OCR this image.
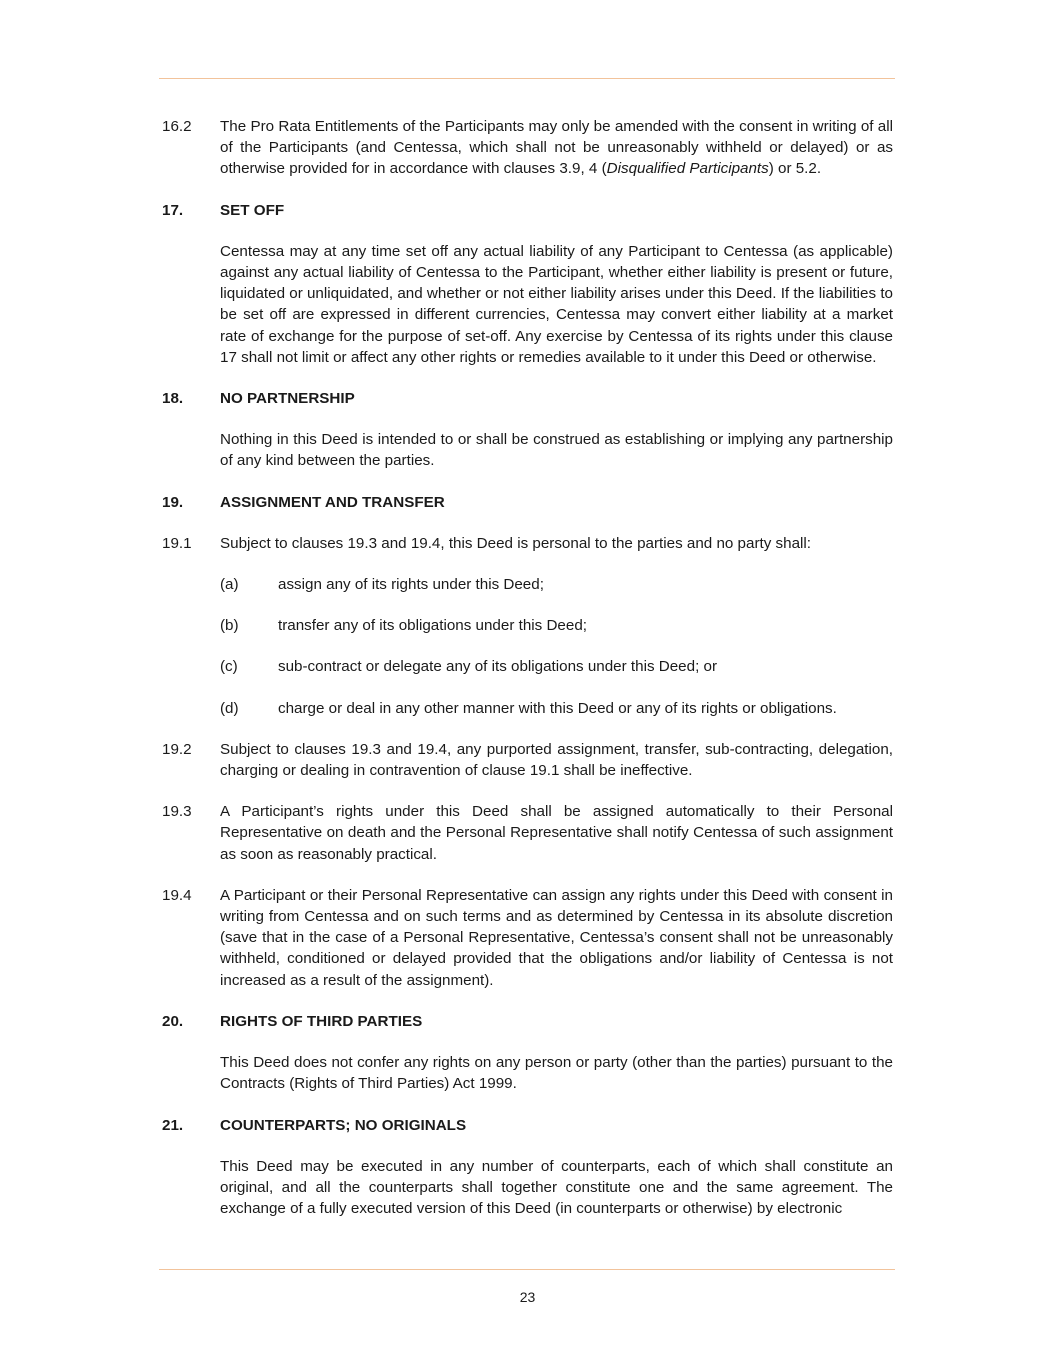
16.2 The Pro Rata Entitlements of the Participants may only be amended with the consent in writing of all of the Participants (and Centessa, which shall not be unreasonably withheld or delayed) or as otherwise provided for in accordance with clauses 3.9, 4 (Disqualified Participants) or 5.2.
17. SET OFF
Centessa may at any time set off any actual liability of any Participant to Centessa (as applicable) against any actual liability of Centessa to the Participant, whether either liability is present or future, liquidated or unliquidated, and whether or not either liability arises under this Deed. If the liabilities to be set off are expressed in different currencies, Centessa may convert either liability at a market rate of exchange for the purpose of set-off. Any exercise by Centessa of its rights under this clause 17 shall not limit or affect any other rights or remedies available to it under this Deed or otherwise.
18. NO PARTNERSHIP
Nothing in this Deed is intended to or shall be construed as establishing or implying any partnership of any kind between the parties.
19. ASSIGNMENT AND TRANSFER
19.1 Subject to clauses 19.3 and 19.4, this Deed is personal to the parties and no party shall:
(a)	assign any of its rights under this Deed;
(b)	transfer any of its obligations under this Deed;
(c)	sub-contract or delegate any of its obligations under this Deed; or
(d)	charge or deal in any other manner with this Deed or any of its rights or obligations.
19.2 Subject to clauses 19.3 and 19.4, any purported assignment, transfer, sub-contracting, delegation, charging or dealing in contravention of clause 19.1 shall be ineffective.
19.3 A Participant’s rights under this Deed shall be assigned automatically to their Personal Representative on death and the Personal Representative shall notify Centessa of such assignment as soon as reasonably practical.
19.4 A Participant or their Personal Representative can assign any rights under this Deed with consent in writing from Centessa and on such terms and as determined by Centessa in its absolute discretion (save that in the case of a Personal Representative, Centessa’s consent shall not be unreasonably withheld, conditioned or delayed provided that the obligations and/or liability of Centessa is not increased as a result of the assignment).
20. RIGHTS OF THIRD PARTIES
This Deed does not confer any rights on any person or party (other than the parties) pursuant to the Contracts (Rights of Third Parties) Act 1999.
21. COUNTERPARTS; NO ORIGINALS
This Deed may be executed in any number of counterparts, each of which shall constitute an original, and all the counterparts shall together constitute one and the same agreement. The exchange of a fully executed version of this Deed (in counterparts or otherwise) by electronic
23
